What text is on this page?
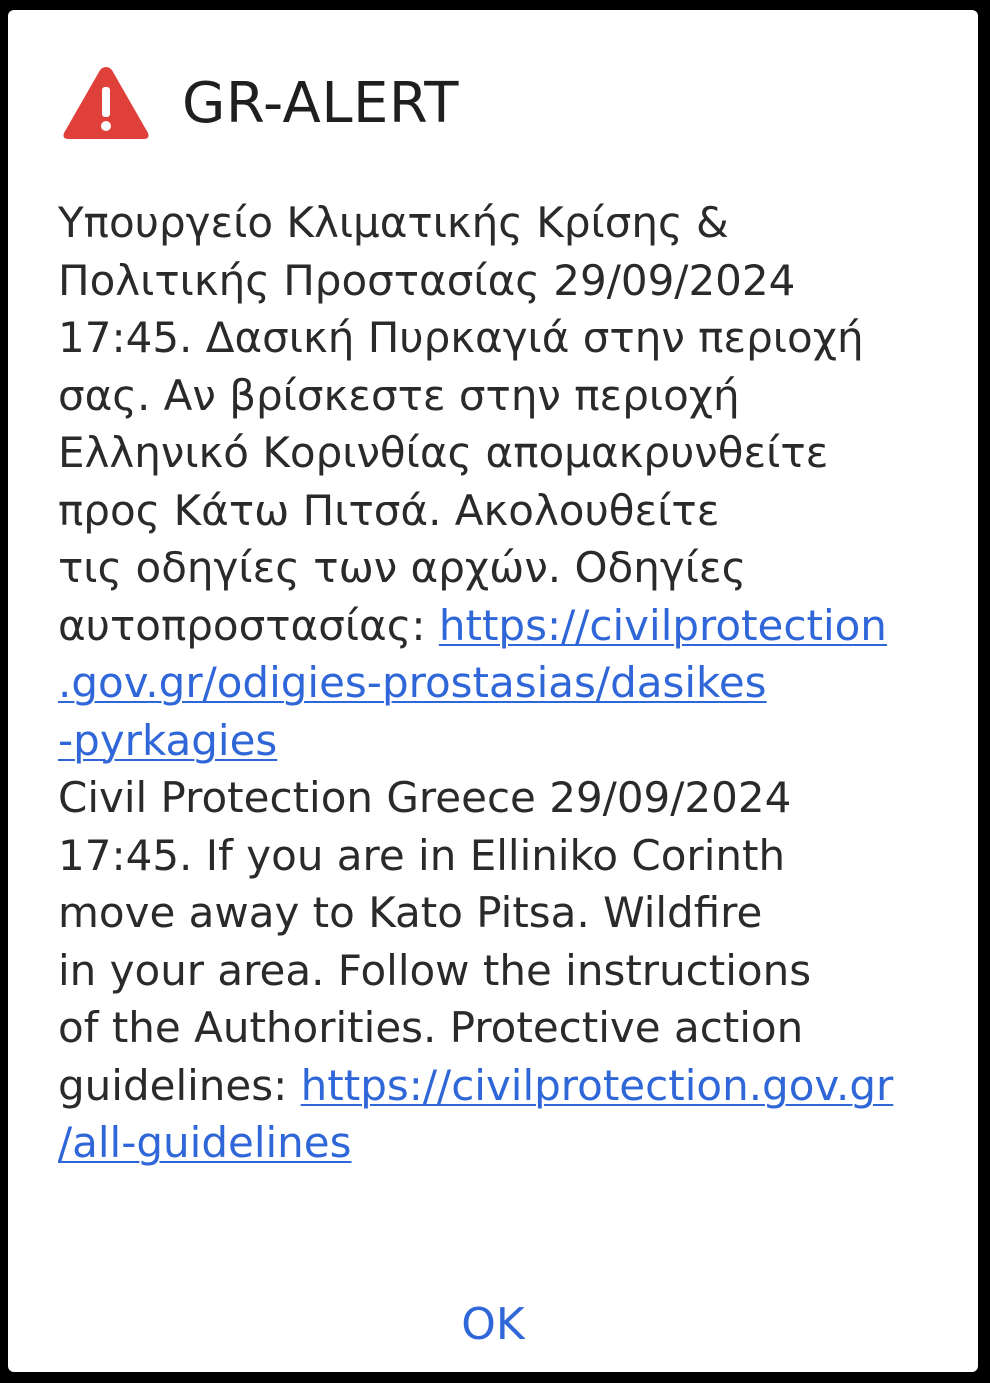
GR-ALERT
Υπουργείο Κλιματικής Κρίσης &
Πολιτικής Προστασίας 29/09/2024
17:45. Δασική Πυρκαγιά στην περιοχή
σας. Αν βρίσκεστε στην περιοχή
Ελληνικό Κορινθίας απομακρυνθείτε
προς Κάτω Πιτσά. Ακολουθείτε
τις οδηγίες των αρχών. Οδηγίες
αυτοπροστασίας: https://civilprotection
.gov.gr/odigies-prostasias/dasikes
-pyrkagies
Civil Protection Greece 29/09/2024
17:45. If you are in Elliniko Corinth
move away to Kato Pitsa. Wildfire
in your area. Follow the instructions
of the Authorities. Protective action
guidelines: https://civilprotection.gov.gr
/all-guidelines
OK
